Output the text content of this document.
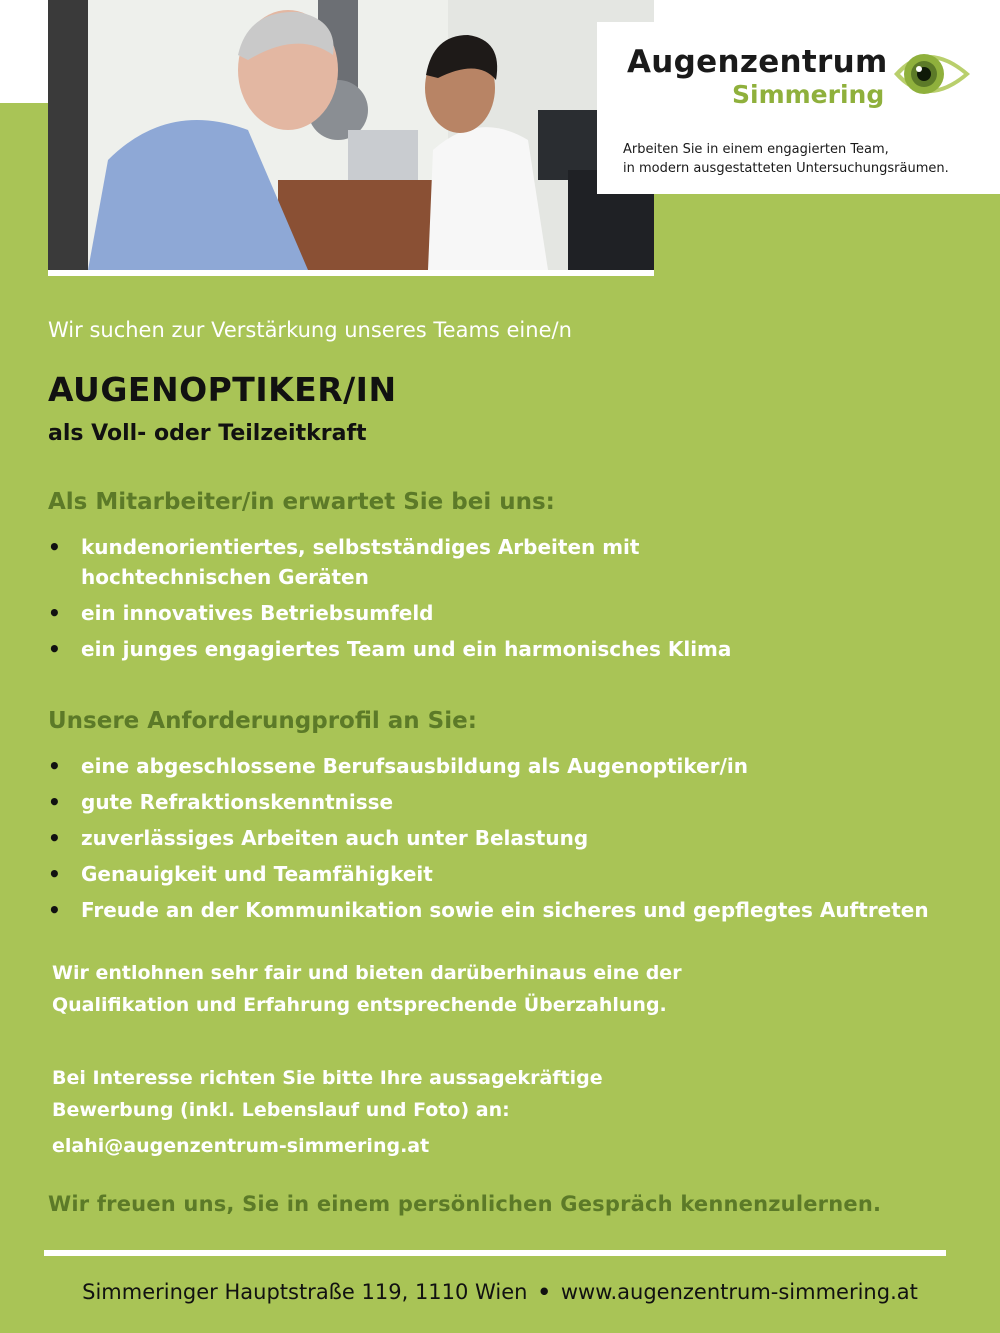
Augenzentrum
Simmering
Arbeiten Sie in einem engagierten Team,
in modern ausgestatteten Untersuchungsräumen.
Wir suchen zur Verstärkung unseres Teams eine/n
AUGENOPTIKER/IN
als Voll- oder Teilzeitkraft
Als Mitarbeiter/in erwartet Sie bei uns:
• kundenorientiertes, selbstständiges Arbeiten mit
hochtechnischen Geräten
• ein innovatives Betriebsumfeld
• ein junges engagiertes Team und ein harmonisches Klima
Unsere Anforderungprofil an Sie:
• eine abgeschlossene Berufsausbildung als Augenoptiker/in
• gute Refraktionskenntnisse
• zuverlässiges Arbeiten auch unter Belastung
• Genauigkeit und Teamfähigkeit
• Freude an der Kommunikation sowie ein sicheres und gepflegtes Auftreten
Wir entlohnen sehr fair und bieten darüberhinaus eine der
Qualifikation und Erfahrung entsprechende Überzahlung.
Bei Interesse richten Sie bitte Ihre aussagekräftige
Bewerbung (inkl. Lebenslauf und Foto) an:
elahi@augenzentrum-simmering.at
Wir freuen uns, Sie in einem persönlichen Gespräch kennenzulernen.
Simmeringer Hauptstraße 119, 1110 Wien • www.augenzentrum-simmering.at
